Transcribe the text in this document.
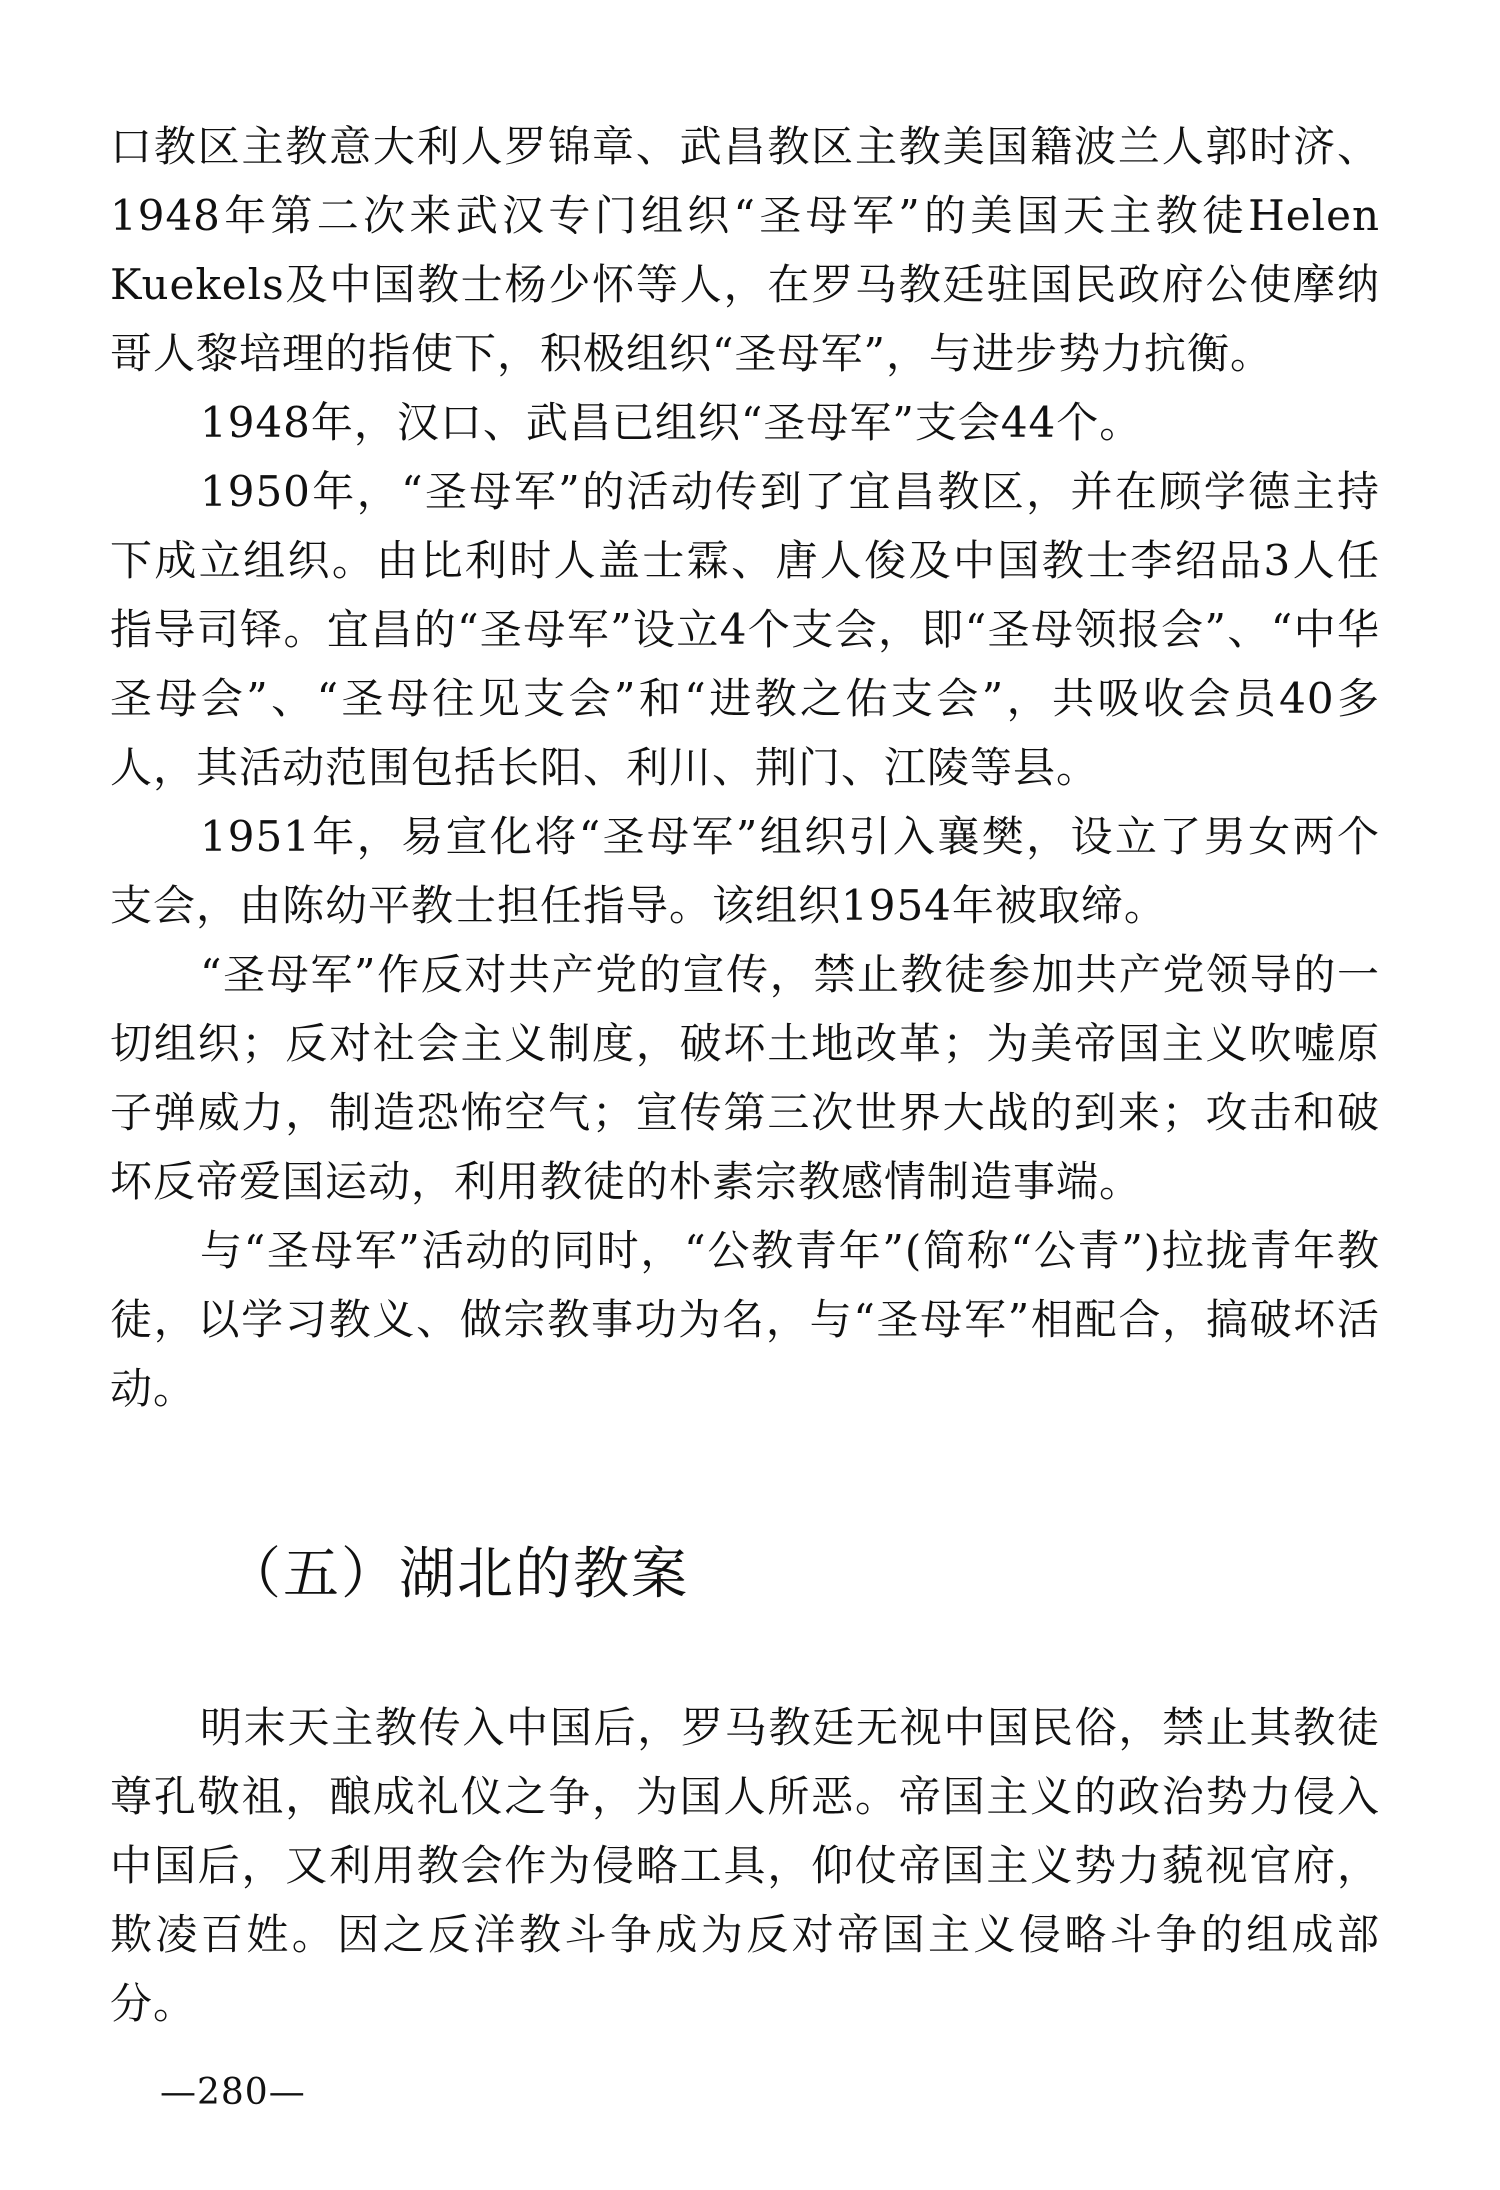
口教区主教意大利人罗锦章、武昌教区主教美国籍波兰人郭时济、1948年第二次来武汉专门组织“圣母军”的美国天主教徒Helen Kuekels及中国教士杨少怀等人，在罗马教廷驻国民政府公使摩纳哥人黎培理的指使下，积极组织“圣母军”，与进步势力抗衡。

1948年，汉口、武昌已组织“圣母军”支会44个。

1950年，“圣母军”的活动传到了宜昌教区，并在顾学德主持下成立组织。由比利时人盖士霖、唐人俊及中国教士李绍品3人任指导司铎。宜昌的“圣母军”设立4个支会，即“圣母领报会”、“中华圣母会”、“圣母往见支会”和“进教之佑支会”，共吸收会员40多人，其活动范围包括长阳、利川、荆门、江陵等县。

1951年，易宣化将“圣母军”组织引入襄樊，设立了男女两个支会，由陈幼平教士担任指导。该组织1954年被取缔。

“圣母军”作反对共产党的宣传，禁止教徒参加共产党领导的一切组织；反对社会主义制度，破坏土地改革；为美帝国主义吹嘘原子弹威力，制造恐怖空气；宣传第三次世界大战的到来；攻击和破坏反帝爱国运动，利用教徒的朴素宗教感情制造事端。

与“圣母军”活动的同时，“公教青年”(简称“公青”)拉拢青年教徒，以学习教义、做宗教事功为名，与“圣母军”相配合，搞破坏活动。

（五）湖北的教案

明末天主教传入中国后，罗马教廷无视中国民俗，禁止其教徒尊孔敬祖，酿成礼仪之争，为国人所恶。帝国主义的政治势力侵入中国后，又利用教会作为侵略工具，仰仗帝国主义势力藐视官府，欺凌百姓。因之反洋教斗争成为反对帝国主义侵略斗争的组成部分。

—280—
